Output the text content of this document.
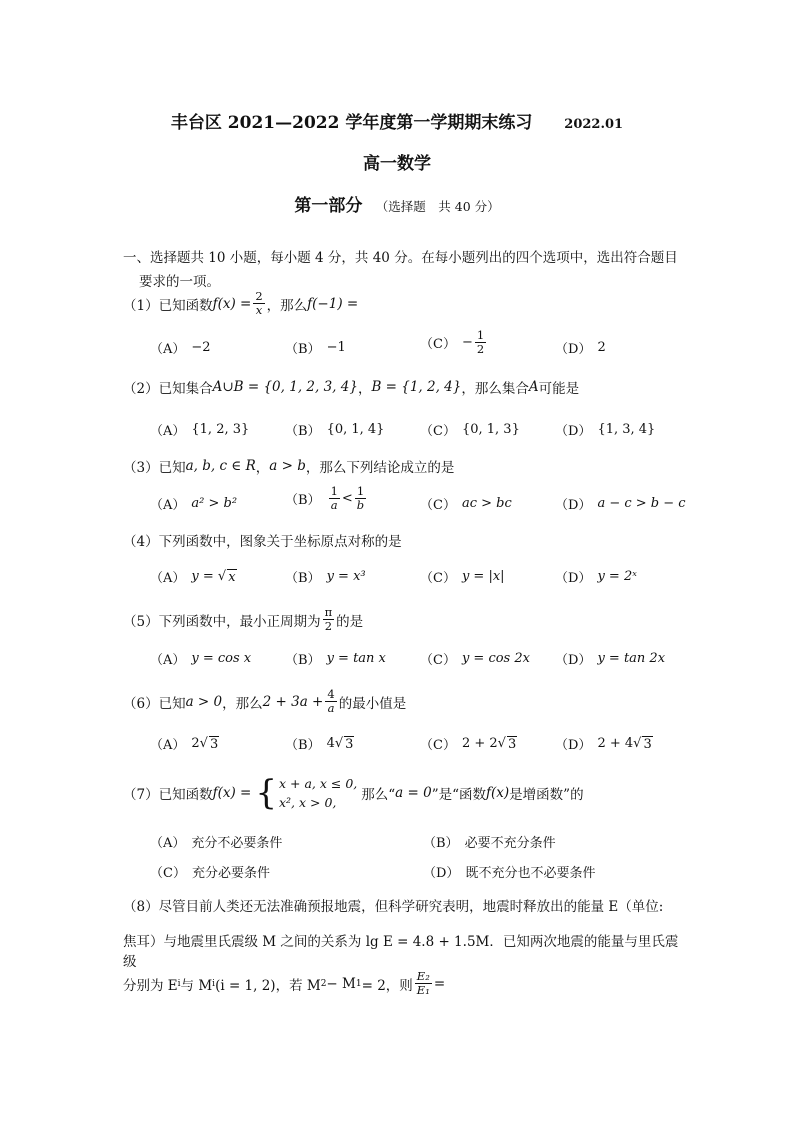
丰台区 2021—2022 学年度第一学期期末练习 2022.01
高一数学
第一部分 （选择题　共 40 分）
一、选择题共 10 小题，每小题 4 分，共 40 分。在每小题列出的四个选项中，选出符合题目
要求的一项。
（1）已知函数 $f(x) = \frac{2}{x}$ ，那么 f(−1) =
（A） −2	（B） −1	$(C) - \frac{1}{2}$	（D） 2
（2）已知集合 A∪B = {0, 1, 2, 3, 4} ， B = {1, 2, 4} ，那么集合 A 可能是
（A） {1, 2, 3}	（B） {0, 1, 4}	（C） {0, 1, 3}	（D） {1, 3, 4}
（3）已知 a, b, c ∈ R ， a > b ，那么下列结论成立的是
（A） a² > b²	$(B) \frac{1}{a} < \frac{1}{b}$	（C） ac > bc	（D） a − c > b − c
（4）下列函数中，图象关于坐标原点对称的是
（A） y = √ x	（B） y = x³	（C） y = |x|	（D） y = 2ˣ
（5）下列函数中，最小正周期为 $\frac{\pi}{2}$ 的是
（A） y = cos x	（B） y = tan x	（C） y = cos 2x （D） y = tan 2x
（6）已知 a > 0 ，那么 $2 + 3a + \frac{4}{a}$ 的最小值是
（A） 2 √ 3	（B） 4 √ 3	（C） 2 + 2 √ 3	（D） 2 + 4 √ 3
（7）已知函数 f(x) = { x + a, x ≤ 0,
x², x > 0,	那么“ a = 0 ”是“函数 f(x) 是增函数”的
（A） 充分不必要条件	（B） 必要不充分条件
（C） 充分必要条件	（D） 既不充分也不必要条件
（8）尽管目前人类还无法准确预报地震，但科学研究表明，地震时释放出的能量 E（单位:
焦耳）与地震里氏震级 M 之间的关系为 lg E = 4.8 + 1.5M．已知两次地震的能量与里氏震级
分别为 E i 与 M i (i = 1, 2)，若 M 2 − M 1 = 2，则 $\frac{\text{E₂}}{\text{E₁}}$ =
